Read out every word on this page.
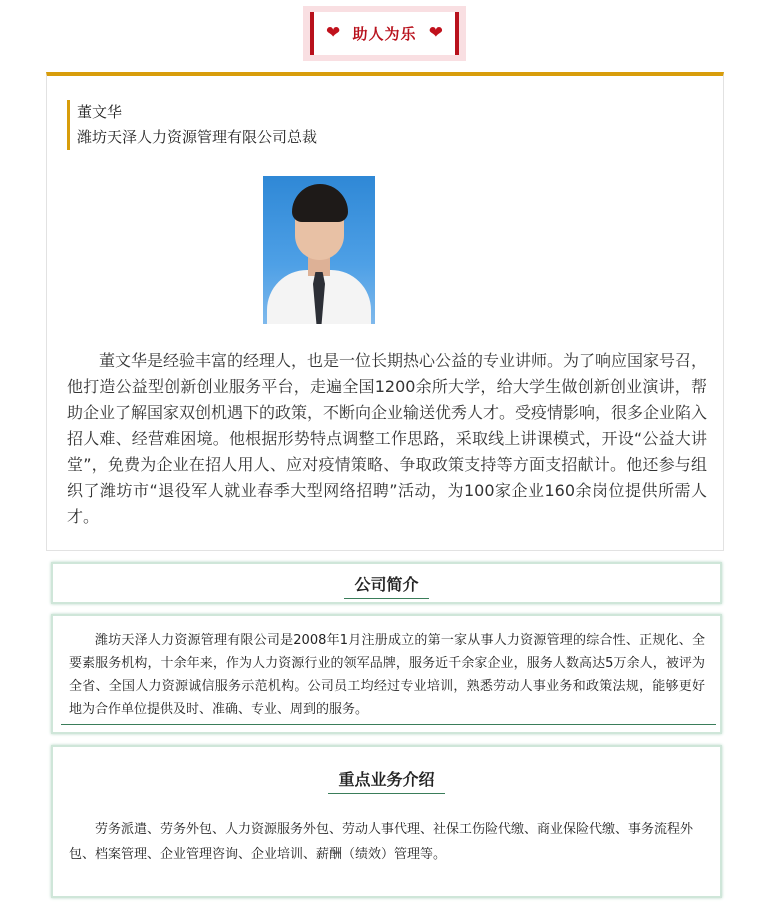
❤ 助人为乐 ❤
董文华
潍坊天泽人力资源管理有限公司总裁

董文华是经验丰富的经理人，也是一位长期热心公益的专业讲师。为了响应国家号召，他打造公益型创新创业服务平台，走遍全国1200余所大学，给大学生做创新创业演讲，帮助企业了解国家双创机遇下的政策，不断向企业输送优秀人才。受疫情影响，很多企业陷入招人难、经营难困境。他根据形势特点调整工作思路，采取线上讲课模式，开设“公益大讲堂”，免费为企业在招人用人、应对疫情策略、争取政策支持等方面支招献计。他还参与组织了潍坊市“退役军人就业春季大型网络招聘”活动，为100家企业160余岗位提供所需人才。

公司简介

潍坊天泽人力资源管理有限公司是2008年1月注册成立的第一家从事人力资源管理的综合性、正规化、全要素服务机构，十余年来，作为人力资源行业的领军品牌，服务近千余家企业，服务人数高达5万余人，被评为全省、全国人力资源诚信服务示范机构。公司员工均经过专业培训，熟悉劳动人事业务和政策法规，能够更好地为合作单位提供及时、准确、专业、周到的服务。

重点业务介绍

劳务派遣、劳务外包、人力资源服务外包、劳动人事代理、社保工伤险代缴、商业保险代缴、事务流程外包、档案管理、企业管理咨询、企业培训、薪酬（绩效）管理等。
